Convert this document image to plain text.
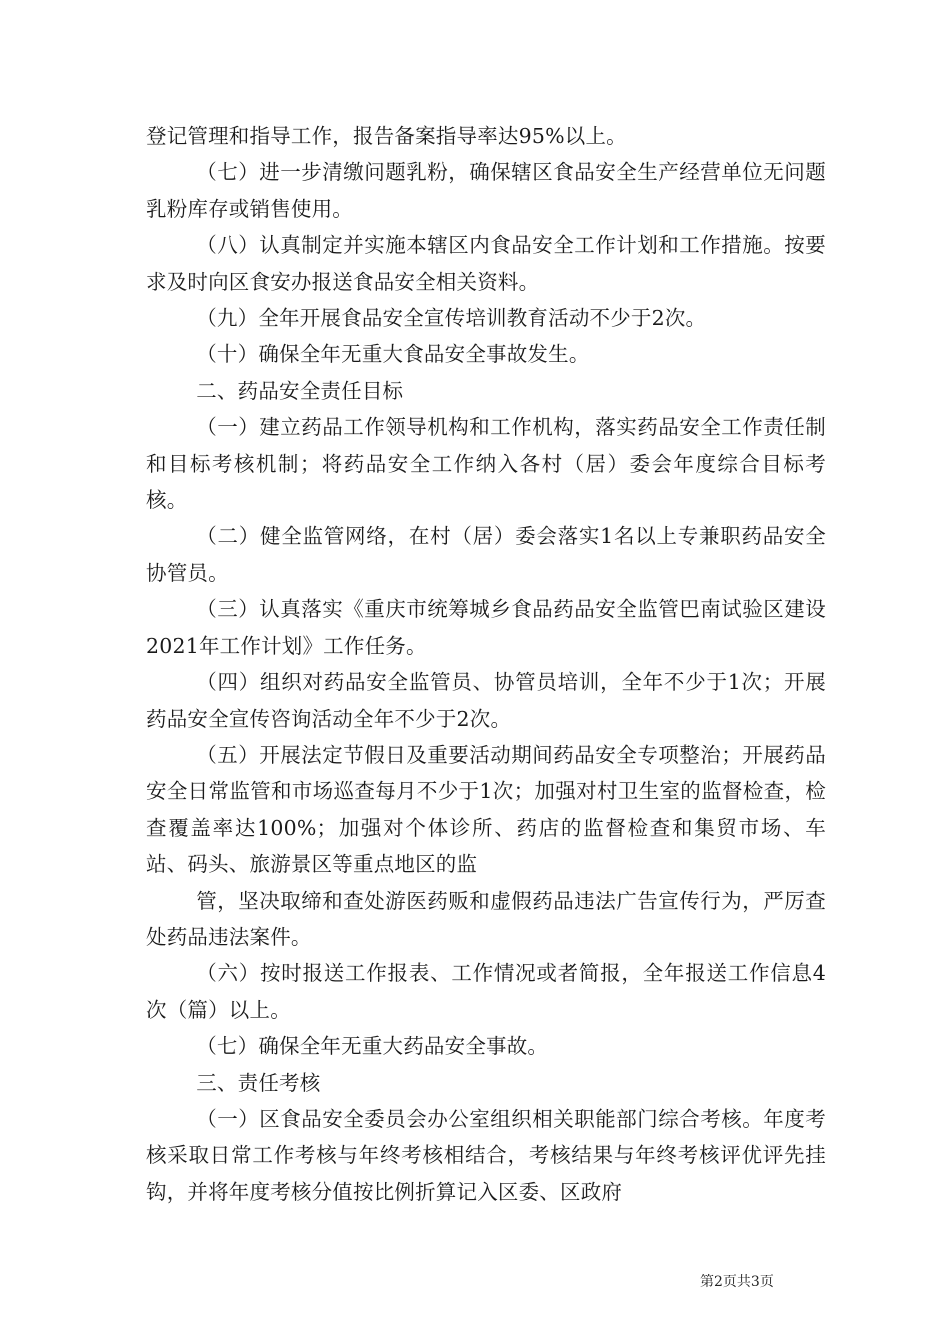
登记管理和指导工作，报告备案指导率达95%以上。

（七）进一步清缴问题乳粉，确保辖区食品安全生产经营单位无问题乳粉库存或销售使用。

（八）认真制定并实施本辖区内食品安全工作计划和工作措施。按要求及时向区食安办报送食品安全相关资料。

（九）全年开展食品安全宣传培训教育活动不少于2次。

（十）确保全年无重大食品安全事故发生。

二、药品安全责任目标

（一）建立药品工作领导机构和工作机构，落实药品安全工作责任制和目标考核机制；将药品安全工作纳入各村（居）委会年度综合目标考核。

（二）健全监管网络，在村（居）委会落实1名以上专兼职药品安全协管员。

（三）认真落实《重庆市统筹城乡食品药品安全监管巴南试验区建设2021年工作计划》工作任务。

（四）组织对药品安全监管员、协管员培训，全年不少于1次；开展药品安全宣传咨询活动全年不少于2次。

（五）开展法定节假日及重要活动期间药品安全专项整治；开展药品安全日常监管和市场巡查每月不少于1次；加强对村卫生室的监督检查，检查覆盖率达100%；加强对个体诊所、药店的监督检查和集贸市场、车站、码头、旅游景区等重点地区的监

管，坚决取缔和查处游医药贩和虚假药品违法广告宣传行为，严厉查处药品违法案件。

（六）按时报送工作报表、工作情况或者简报，全年报送工作信息4次（篇）以上。

（七）确保全年无重大药品安全事故。

三、责任考核

（一）区食品安全委员会办公室组织相关职能部门综合考核。年度考核采取日常工作考核与年终考核相结合，考核结果与年终考核评优评先挂钩，并将年度考核分值按比例折算记入区委、区政府

第2页共3页
